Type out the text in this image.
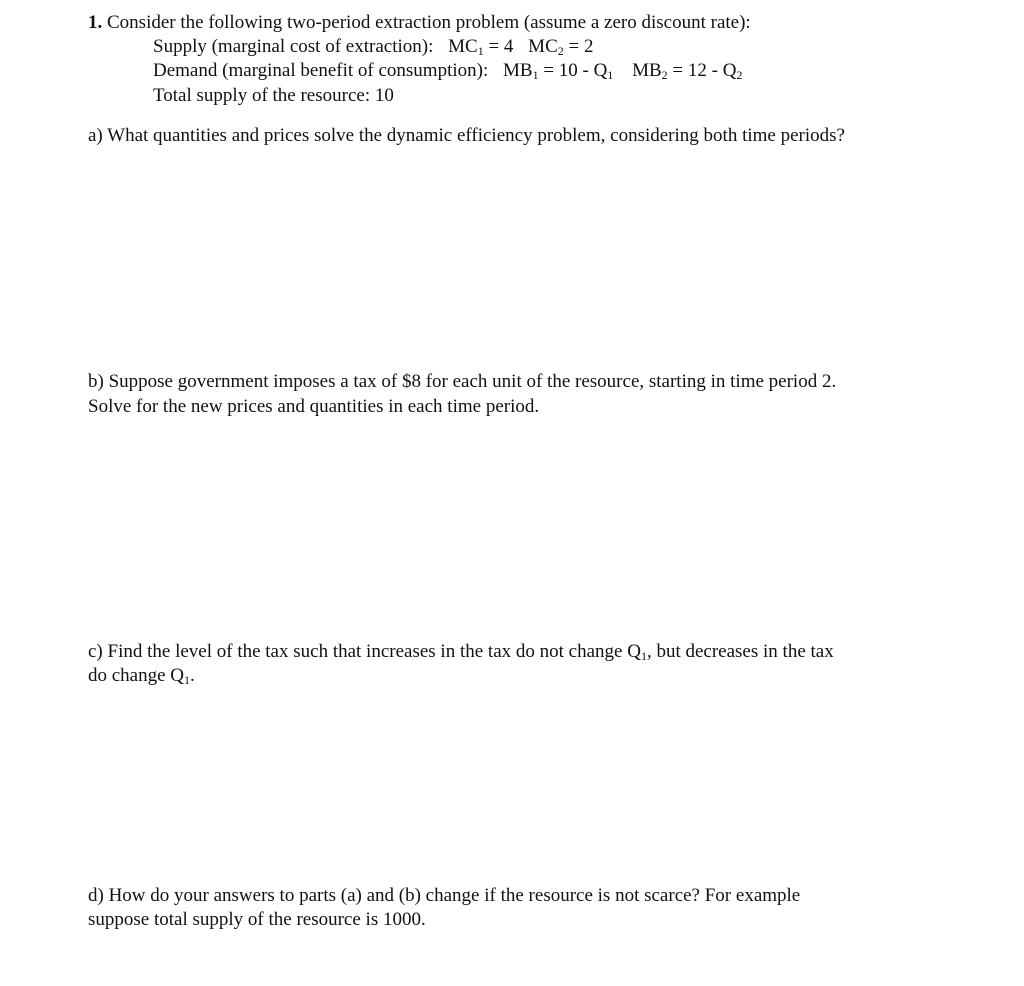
1. Consider the following two-period extraction problem (assume a zero discount rate):
Supply (marginal cost of extraction): $MC_1 = 4$ $MC_2 = 2$
Demand (marginal benefit of consumption): $MB_1 = 10 - Q_1$ $MB_2 = 12 - Q_2$
Total supply of the resource: 10
a) What quantities and prices solve the dynamic efficiency problem, considering both time periods?
b) Suppose government imposes a tax of $8 for each unit of the resource, starting in time period 2.
Solve for the new prices and quantities in each time period.
c) Find the level of the tax such that increases in the tax do not change $Q_1$, but decreases in the tax
do change $Q_1$.
d) How do your answers to parts (a) and (b) change if the resource is not scarce? For example
suppose total supply of the resource is 1000.
